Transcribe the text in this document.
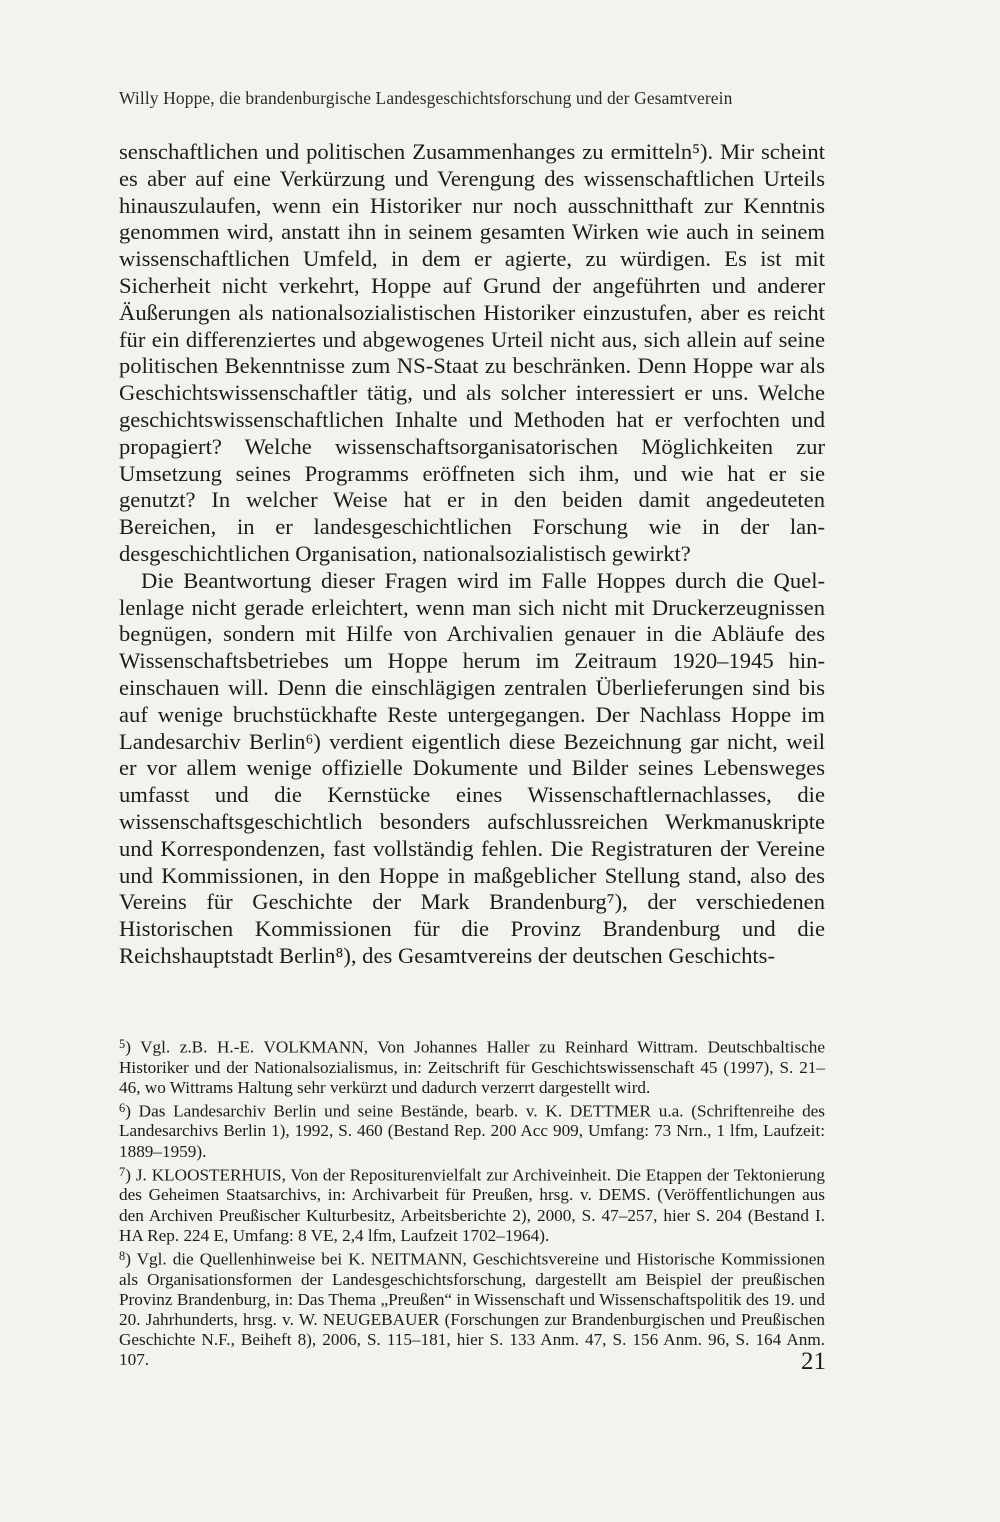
Willy Hoppe, die brandenburgische Landesgeschichtsforschung und der Gesamtverein

senschaftlichen und politischen Zusammenhanges zu ermitteln⁵). Mir scheint es aber auf eine Verkürzung und Verengung des wissenschaftlichen Urteils hinauszulaufen, wenn ein Historiker nur noch ausschnitthaft zur Kenntnis genommen wird, anstatt ihn in seinem gesamten Wirken wie auch in seinem wissenschaftlichen Umfeld, in dem er agierte, zu würdigen. Es ist mit Sicherheit nicht verkehrt, Hoppe auf Grund der angeführten und anderer Äußerungen als nationalsozialistischen Historiker einzustufen, aber es reicht für ein differenziertes und abgewogenes Urteil nicht aus, sich allein auf seine politischen Bekenntnisse zum NS-Staat zu beschränken. Denn Hoppe war als Geschichtswissenschaftler tätig, und als solcher interessiert er uns. Welche geschichtswissenschaftlichen Inhalte und Methoden hat er verfochten und propagiert? Welche wissenschaftsorganisatorischen Möglichkeiten zur Umsetzung seines Programms eröffneten sich ihm, und wie hat er sie genutzt? In welcher Weise hat er in den beiden damit angedeuteten Bereichen, in er landesgeschichtlichen Forschung wie in der landesgeschichtlichen Organisation, nationalsozialistisch gewirkt?

Die Beantwortung dieser Fragen wird im Falle Hoppes durch die Quellenlage nicht gerade erleichtert, wenn man sich nicht mit Druckerzeugnissen begnügen, sondern mit Hilfe von Archivalien genauer in die Abläufe des Wissenschaftsbetriebes um Hoppe herum im Zeitraum 1920–1945 hineinschauen will. Denn die einschlägigen zentralen Überlieferungen sind bis auf wenige bruchstückhafte Reste untergegangen. Der Nachlass Hoppe im Landesarchiv Berlin⁶) verdient eigentlich diese Bezeichnung gar nicht, weil er vor allem wenige offizielle Dokumente und Bilder seines Lebensweges umfasst und die Kernstücke eines Wissenschaftlernachlasses, die wissenschaftsgeschichtlich besonders aufschlussreichen Werkmanuskripte und Korrespondenzen, fast vollständig fehlen. Die Registraturen der Vereine und Kommissionen, in den Hoppe in maßgeblicher Stellung stand, also des Vereins für Geschichte der Mark Brandenburg⁷), der verschiedenen Historischen Kommissionen für die Provinz Brandenburg und die Reichshauptstadt Berlin⁸), des Gesamtvereins der deutschen Geschichts-

$^5$) Vgl. z.B. H.-E. VOLKMANN, Von Johannes Haller zu Reinhard Wittram. Deutschbaltische Historiker und der Nationalsozialismus, in: Zeitschrift für Geschichtswissenschaft 45 (1997), S. 21–46, wo Wittrams Haltung sehr verkürzt und dadurch verzerrt dargestellt wird.

$^6$) Das Landesarchiv Berlin und seine Bestände, bearb. v. K. DETTMER u.a. (Schriftenreihe des Landesarchivs Berlin 1), 1992, S. 460 (Bestand Rep. 200 Acc 909, Umfang: 73 Nrn., 1 lfm, Laufzeit: 1889–1959).

$^7$) J. KLOOSTERHUIS, Von der Repositurenvielfalt zur Archiveinheit. Die Etappen der Tektonierung des Geheimen Staatsarchivs, in: Archivarbeit für Preußen, hrsg. v. DEMS. (Veröffentlichungen aus den Archiven Preußischer Kulturbesitz, Arbeitsberichte 2), 2000, S. 47–257, hier S. 204 (Bestand I. HA Rep. 224 E, Umfang: 8 VE, 2,4 lfm, Laufzeit 1702–1964).

$^8$) Vgl. die Quellenhinweise bei K. NEITMANN, Geschichtsvereine und Historische Kommissionen als Organisationsformen der Landesgeschichtsforschung, dargestellt am Beispiel der preußischen Provinz Brandenburg, in: Das Thema „Preußen“ in Wissenschaft und Wissenschaftspolitik des 19. und 20. Jahrhunderts, hrsg. v. W. NEUGEBAUER (Forschungen zur Brandenburgischen und Preußischen Geschichte N.F., Beiheft 8), 2006, S. 115–181, hier S. 133 Anm. 47, S. 156 Anm. 96, S. 164 Anm. 107.	21
